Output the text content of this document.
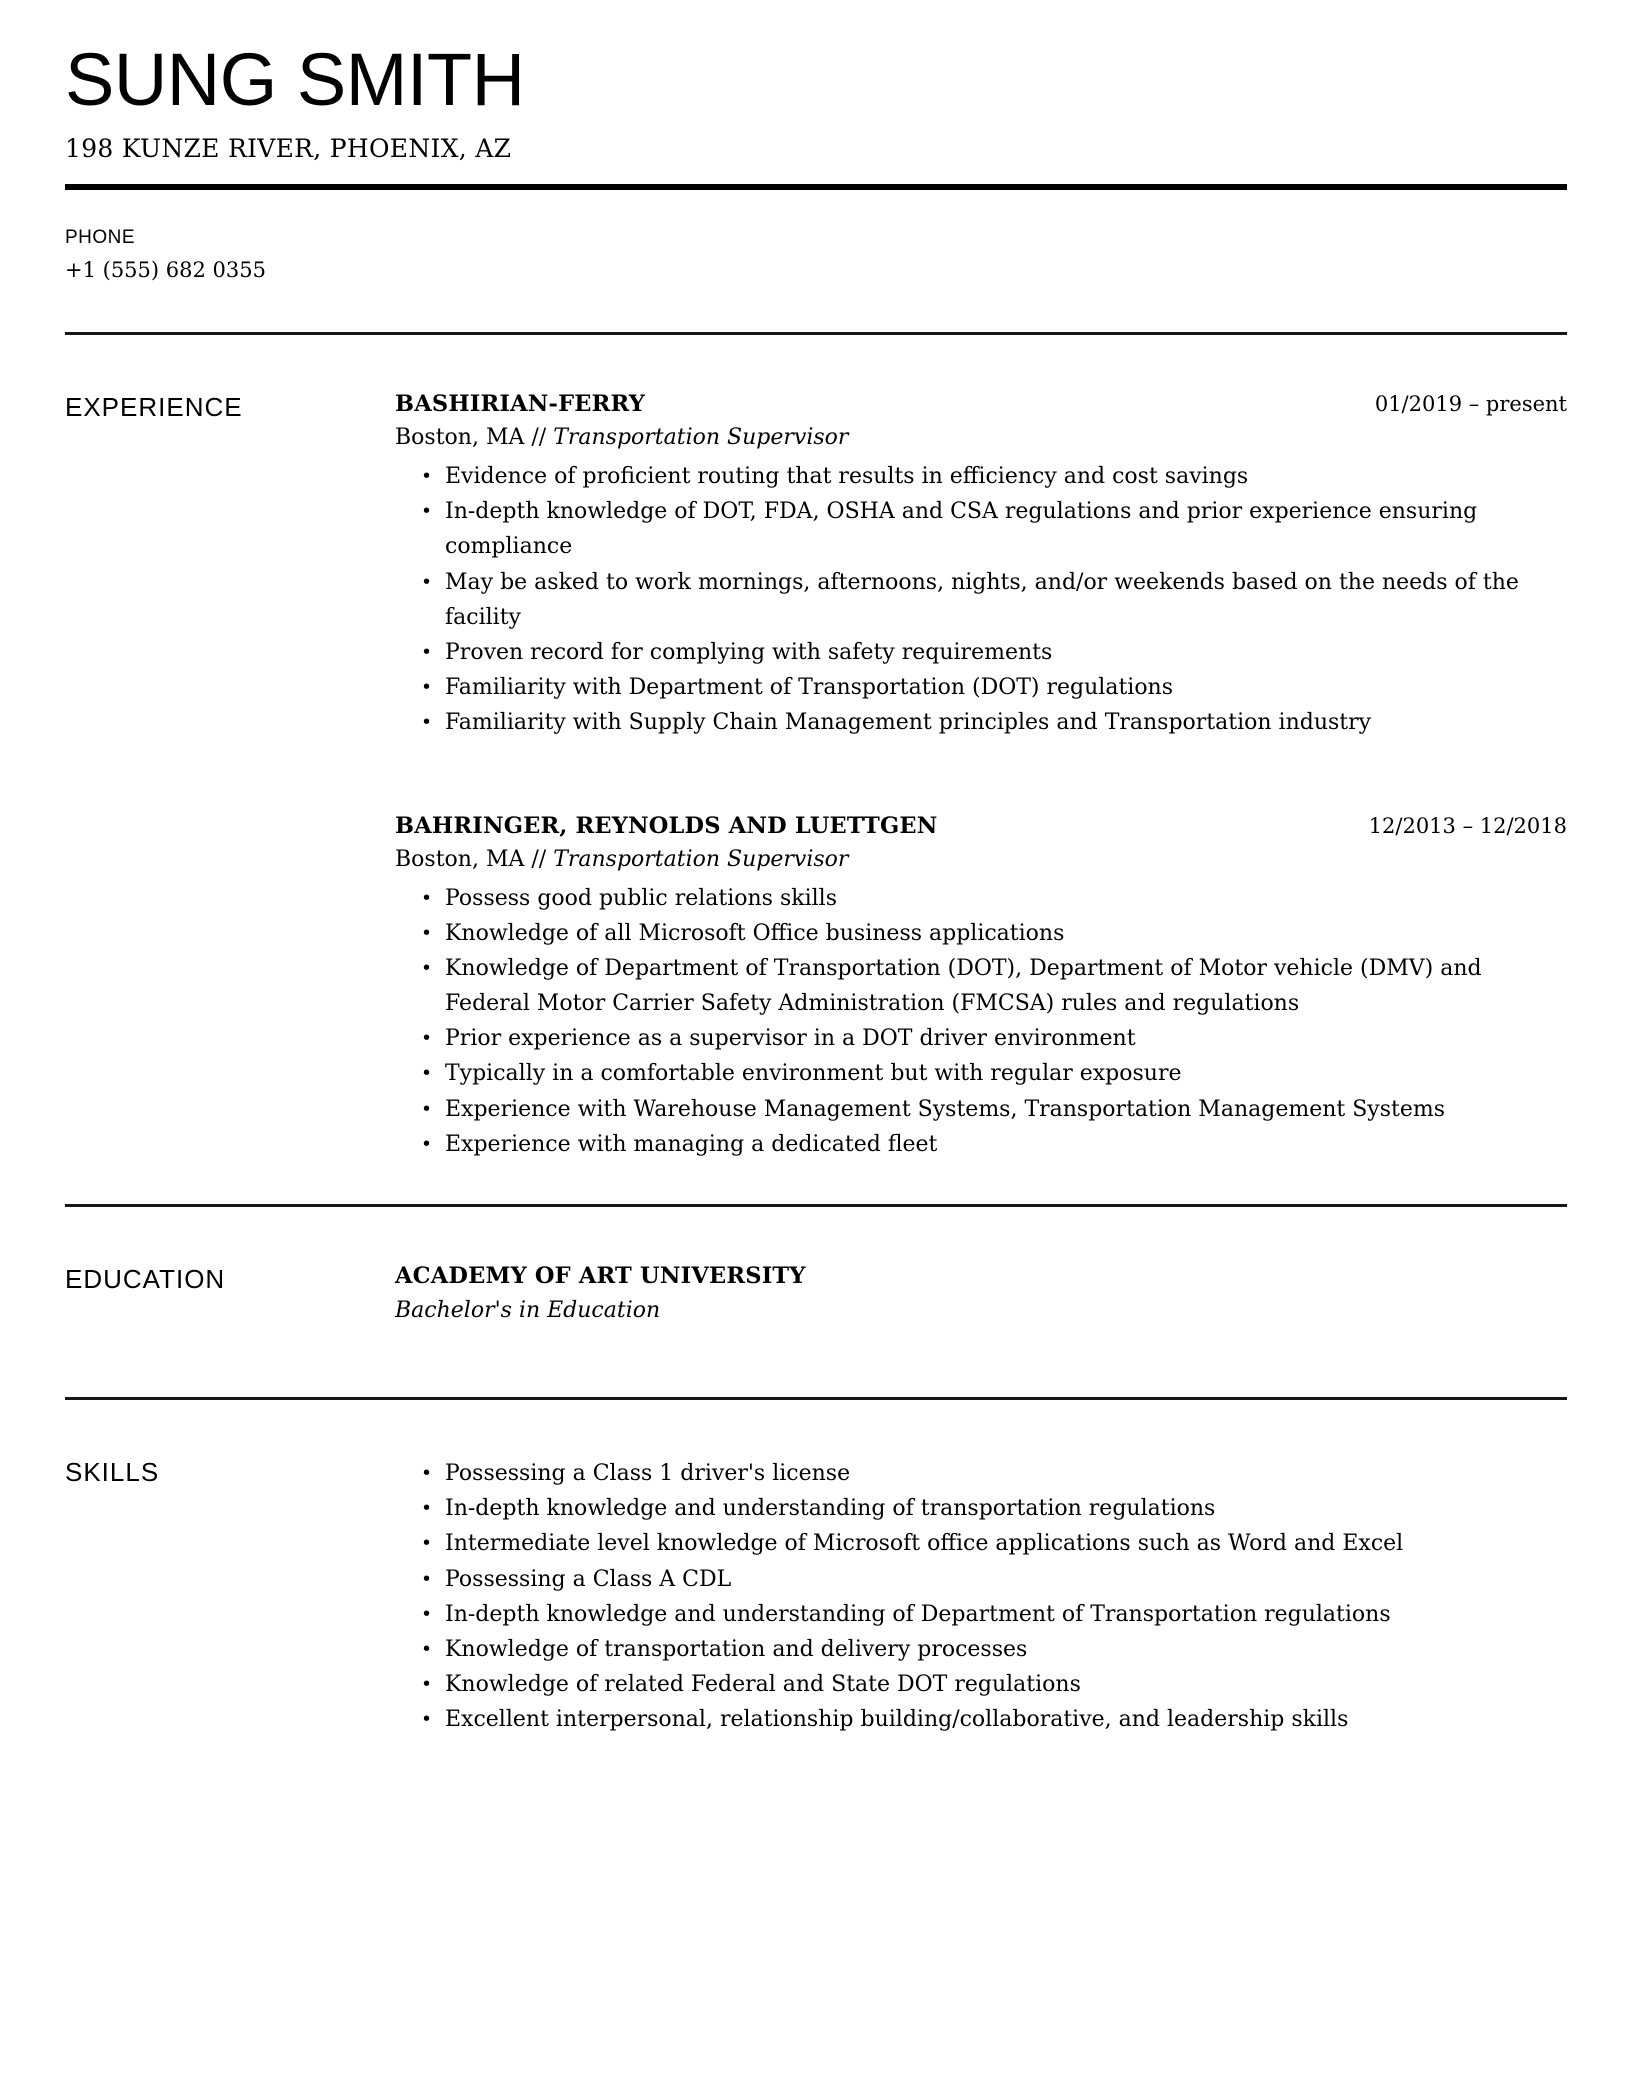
SUNG SMITH
198 KUNZE RIVER, PHOENIX, AZ
PHONE
+1 (555) 682 0355
EXPERIENCE	BASHIRIAN-FERRY	01/2019 – present
Boston, MA // Transportation Supervisor
• Evidence of proficient routing that results in efficiency and cost savings
• In-depth knowledge of DOT, FDA, OSHA and CSA regulations and prior experience ensuring compliance
• May be asked to work mornings, afternoons, nights, and/or weekends based on the needs of the facility
• Proven record for complying with safety requirements
• Familiarity with Department of Transportation (DOT) regulations
• Familiarity with Supply Chain Management principles and Transportation industry
BAHRINGER, REYNOLDS AND LUETTGEN	12/2013 – 12/2018
Boston, MA // Transportation Supervisor
• Possess good public relations skills
• Knowledge of all Microsoft Office business applications
• Knowledge of Department of Transportation (DOT), Department of Motor vehicle (DMV) and Federal Motor Carrier Safety Administration (FMCSA) rules and regulations
• Prior experience as a supervisor in a DOT driver environment
• Typically in a comfortable environment but with regular exposure
• Experience with Warehouse Management Systems, Transportation Management Systems
• Experience with managing a dedicated fleet
EDUCATION	ACADEMY OF ART UNIVERSITY
Bachelor's in Education
SKILLS	• Possessing a Class 1 driver's license
• In-depth knowledge and understanding of transportation regulations
• Intermediate level knowledge of Microsoft office applications such as Word and Excel
• Possessing a Class A CDL
• In-depth knowledge and understanding of Department of Transportation regulations
• Knowledge of transportation and delivery processes
• Knowledge of related Federal and State DOT regulations
• Excellent interpersonal, relationship building/collaborative, and leadership skills
